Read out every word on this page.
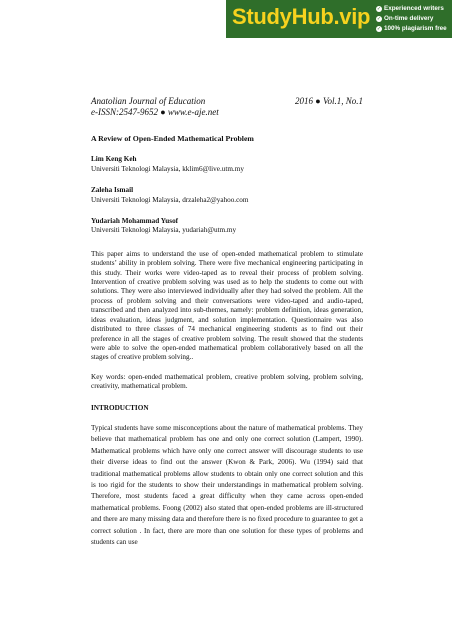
StudyHub.vip ✓ Experienced writers
✓ On-time delivery
✓ 100% plagiarism free
Anatolian Journal of Education	2016 ● Vol.1, No.1
e-ISSN:2547-9652 ● www.e-aje.net
A Review of Open-Ended Mathematical Problem
Lim Keng Keh
Universiti Teknologi Malaysia, kklim6@live.utm.my
Zaleha Ismail
Universiti Teknologi Malaysia, drzaleha2@yahoo.com
Yudariah Mohammad Yusof
Universiti Teknologi Malaysia, yudariah@utm.my
This paper aims to understand the use of open-ended mathematical problem to stimulate students’ ability in problem solving. There were five mechanical engineering participating in this study. Their works were video-taped as to reveal their process of problem solving. Intervention of creative problem solving was used as to help the students to come out with solutions. They were also interviewed individually after they had solved the problem. All the process of problem solving and their conversations were video-taped and audio-taped, transcribed and then analyzed into sub-themes, namely: problem definition, ideas generation, ideas evaluation, ideas judgment, and solution implementation. Questionnaire was also distributed to three classes of 74 mechanical engineering students as to find out their preference in all the stages of creative problem solving. The result showed that the students were able to solve the open-ended mathematical problem collaboratively based on all the stages of creative problem solving..
Key words: open-ended mathematical problem, creative problem solving, problem solving, creativity, mathematical problem.
INTRODUCTION
Typical students have some misconceptions about the nature of mathematical problems. They believe that mathematical problem has one and only one correct solution (Lampert, 1990). Mathematical problems which have only one correct answer will discourage students to use their diverse ideas to find out the answer (Kwon & Park, 2006). Wu (1994) said that traditional mathematical problems allow students to obtain only one correct solution and this is too rigid for the students to show their understandings in mathematical problem solving. Therefore, most students faced a great difficulty when they came across open-ended mathematical problems. Foong (2002) also stated that open-ended problems are ill-structured and there are many missing data and therefore there is no fixed procedure to guarantee to get a correct solution . In fact, there are more than one solution for these types of problems and students can use
